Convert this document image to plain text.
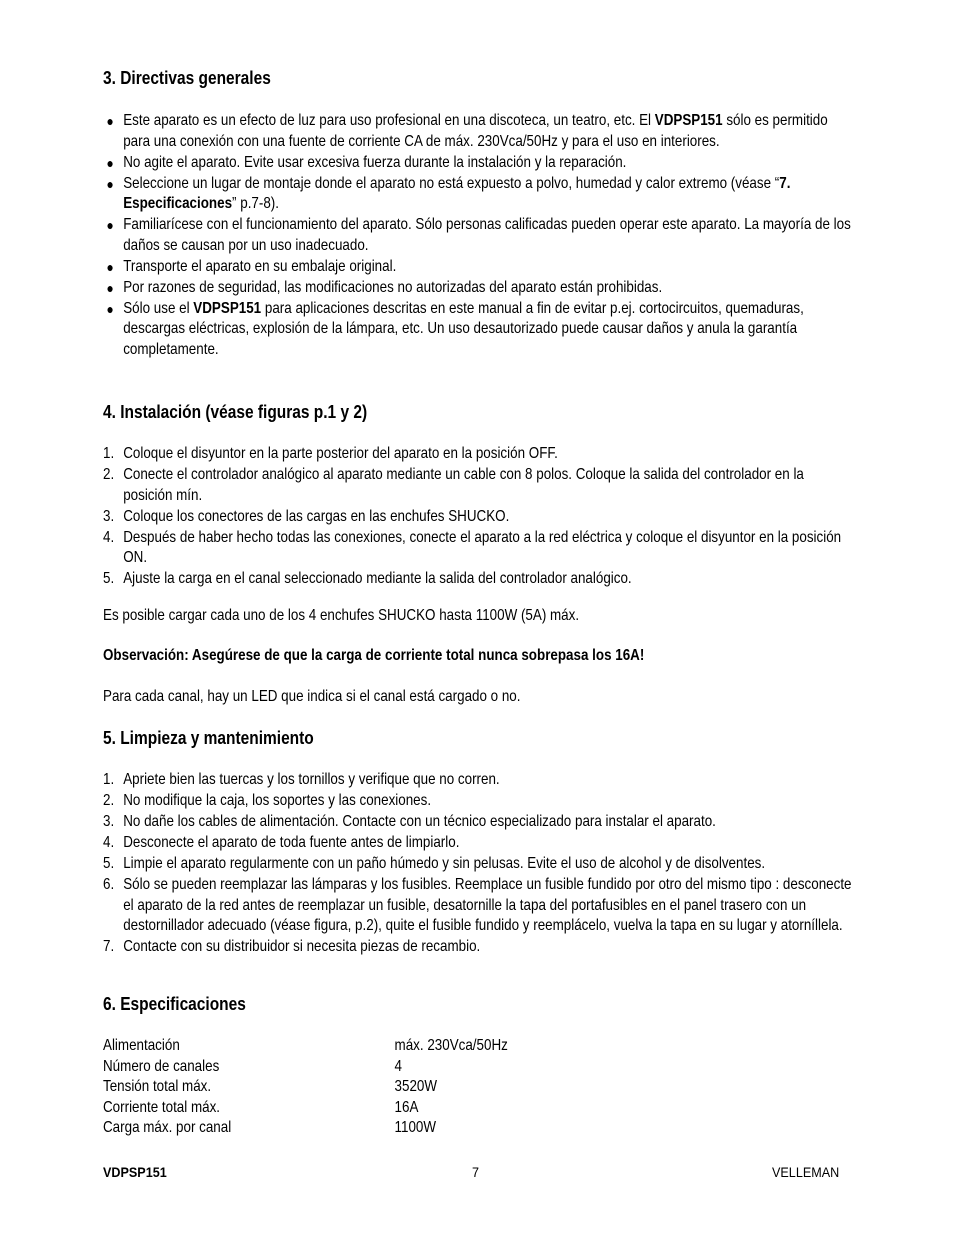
3. Directivas generales
● Este aparato es un efecto de luz para uso profesional en una discoteca, un teatro, etc. El VDPSP151 sólo es permitido para una conexión con una fuente de corriente CA de máx. 230Vca/50Hz y para el uso en interiores.
● No agite el aparato. Evite usar excesiva fuerza durante la instalación y la reparación.
● Seleccione un lugar de montaje donde el aparato no está expuesto a polvo, humedad y calor extremo (véase “7. Especificaciones” p.7-8).
● Familiarícese con el funcionamiento del aparato. Sólo personas calificadas pueden operar este aparato. La mayoría de los daños se causan por un uso inadecuado.
● Transporte el aparato en su embalaje original.
● Por razones de seguridad, las modificaciones no autorizadas del aparato están prohibidas.
● Sólo use el VDPSP151 para aplicaciones descritas en este manual a fin de evitar p.ej. cortocircuitos, quemaduras, descargas eléctricas, explosión de la lámpara, etc. Un uso desautorizado puede causar daños y anula la garantía completamente.
4. Instalación (véase figuras p.1 y 2)
1. Coloque el disyuntor en la parte posterior del aparato en la posición OFF.
2. Conecte el controlador analógico al aparato mediante un cable con 8 polos. Coloque la salida del controlador en la posición mín.
3. Coloque los conectores de las cargas en las enchufes SHUCKO.
4. Después de haber hecho todas las conexiones, conecte el aparato a la red eléctrica y coloque el disyuntor en la posición ON.
5. Ajuste la carga en el canal seleccionado mediante la salida del controlador analógico.

Es posible cargar cada uno de los 4 enchufes SHUCKO hasta 1100W (5A) máx.

Observación: Asegúrese de que la carga de corriente total nunca sobrepasa los 16A!

Para cada canal, hay un LED que indica si el canal está cargado o no.

5. Limpieza y mantenimiento
1. Apriete bien las tuercas y los tornillos y verifique que no corren.
2. No modifique la caja, los soportes y las conexiones.
3. No dañe los cables de alimentación. Contacte con un técnico especializado para instalar el aparato.
4. Desconecte el aparato de toda fuente antes de limpiarlo.
5. Limpie el aparato regularmente con un paño húmedo y sin pelusas. Evite el uso de alcohol y de disolventes.
6. Sólo se pueden reemplazar las lámparas y los fusibles. Reemplace un fusible fundido por otro del mismo tipo : desconecte el aparato de la red antes de reemplazar un fusible, desatornille la tapa del portafusibles en el panel trasero con un destornillador adecuado (véase figura, p.2), quite el fusible fundido y reemplácelo, vuelva la tapa en su lugar y atorníllela.
7. Contacte con su distribuidor si necesita piezas de recambio.
6. Especificaciones
Alimentación	máx. 230Vca/50Hz
Número de canales	4
Tensión total máx.	3520W
Corriente total máx.	16A
Carga máx. por canal	1100W
VDPSP151	7	VELLEMAN
